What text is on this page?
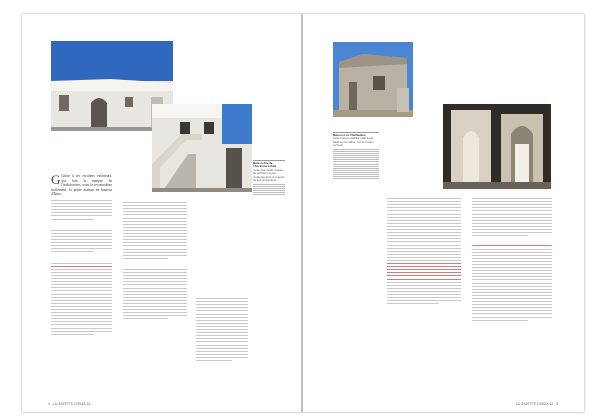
Maison dite de l'Ancienne Lobba
Cette rare vieille maison de pêcheurs a été restaurée dans le respect de ses proportions.

G Grâce à ses escaliers extérieurs, qui font la marque de l'architecture, vous la reconnaîtrez facilement, la petite maison en hauteur d'Ibiza.

4 LA GAZETTE D'IBIZA 12
Maison à La Chalhadène
Cette maison traditionnelle a été bâtie sur la colline, sur un terrain rocheux.
LA GAZETTE D'IBIZA 12 5
